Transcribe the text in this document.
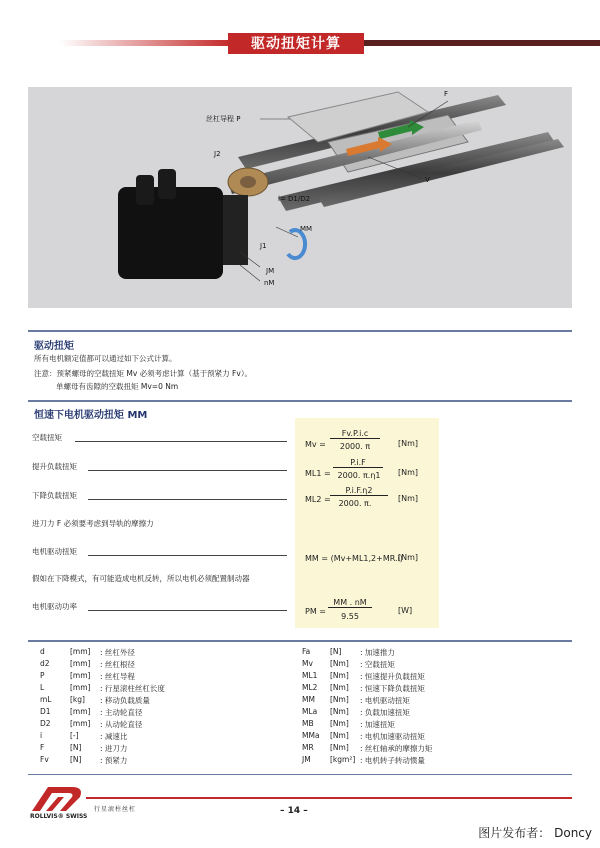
驱动扭矩计算
丝杠导程 P
F
V
J2
i= D1/D2
MM
J1
JM
nM
驱动扭矩
所有电机额定值都可以通过如下公式计算。
注意：预紧螺母的空载扭矩 Mv 必须考虑计算（基于预紧力 Fv）。
单螺母有齿隙的空载扭矩 Mv=0 Nm
恒速下电机驱动扭矩 MM
空载扭矩
Mv =
Fv.P.i.c
2000. π	[Nm]
提升负载扭矩
ML1 =
P.i.F
2000. π.η1	[Nm]
下降负载扭矩	ML2 =
P.i.F.η2
2000. π.
[Nm]
进刀力 F 必须要考虑到导轨的摩擦力
电机驱动扭矩
MM = (Mv+ML1,2+MR.i)
[Nm]
假如在下降模式，有可能造成电机反转，所以电机必须配置制动器
电机驱动功率
PM =
MM . nM
9.55
[W]
d	[mm] : 丝杠外径
d2	[mm] : 丝杠根径
P	[mm] : 丝杠导程
L	[mm] : 行星滚柱丝杠长度
mL [kg] : 移动负载质量
D1	[mm] : 主动轮直径
D2	[mm] : 从动轮直径
i	[-]	: 减速比
F	[N] : 进刀力
Fv	[N] : 预紧力
Fa	[N] : 加速推力
Mv [Nm] : 空载扭矩
ML1 [Nm] : 恒速提升负载扭矩
ML2 [Nm] : 恒速下降负载扭矩
MM [Nm] : 电机驱动扭矩
MLa [Nm] : 负载加速扭矩
MB [Nm] : 加速扭矩
MMa [Nm] : 电机加速驱动扭矩
MR [Nm] : 丝杠轴承的摩擦力矩
JM	[kgm²] : 电机转子转动惯量
ROLLVIS® SWISS
行星滚柱丝杠	– 14 –
图片发布者： Doncy
